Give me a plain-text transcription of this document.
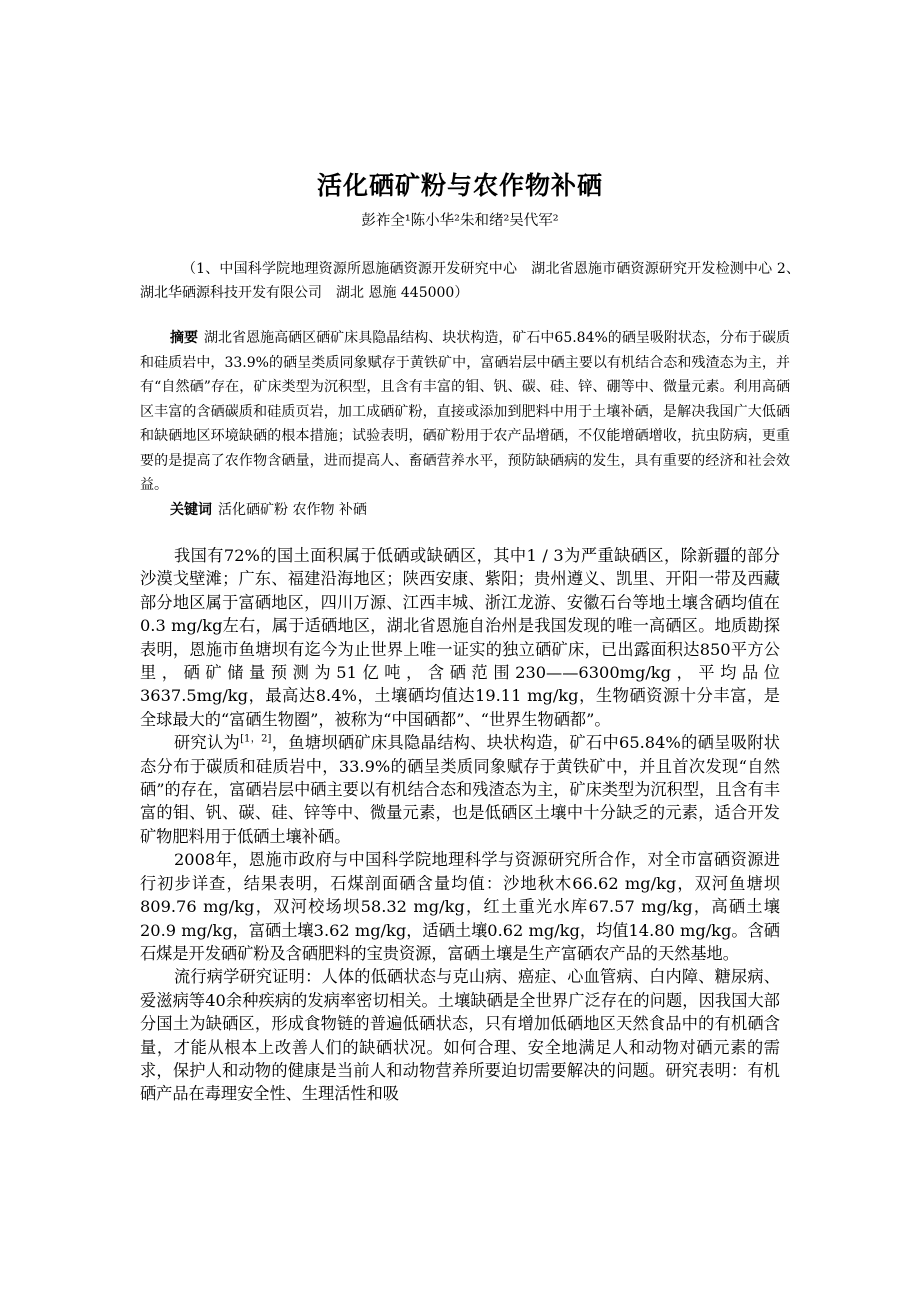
活化硒矿粉与农作物补硒
彭祚全¹陈小华²朱和绪²吴代军²
（1、中国科学院地理资源所恩施硒资源开发研究中心　湖北省恩施市硒资源研究开发检测中心 2、湖北华硒源科技开发有限公司　湖北 恩施 445000）

摘要 湖北省恩施高硒区硒矿床具隐晶结构、块状构造，矿石中65.84%的硒呈吸附状态，分布于碳质和硅质岩中，33.9%的硒呈类质同象赋存于黄铁矿中，富硒岩层中硒主要以有机结合态和残渣态为主，并有“自然硒”存在，矿床类型为沉积型，且含有丰富的钼、钒、碳、硅、锌、硼等中、微量元素。利用高硒区丰富的含硒碳质和硅质页岩，加工成硒矿粉，直接或添加到肥料中用于土壤补硒，是解决我国广大低硒和缺硒地区环境缺硒的根本措施；试验表明，硒矿粉用于农产品增硒，不仅能增硒增收，抗虫防病，更重要的是提高了农作物含硒量，进而提高人、畜硒营养水平，预防缺硒病的发生，具有重要的经济和社会效益。

关键词 活化硒矿粉 农作物 补硒

我国有72%的国土面积属于低硒或缺硒区，其中1 / 3为严重缺硒区，除新疆的部分沙漠戈壁滩；广东、福建沿海地区；陕西安康、紫阳；贵州遵义、凯里、开阳一带及西藏部分地区属于富硒地区，四川万源、江西丰城、浙江龙游、安徽石台等地土壤含硒均值在0.3 mg/kg左右，属于适硒地区，湖北省恩施自治州是我国发现的唯一高硒区。地质勘探表明，恩施市鱼塘坝有迄今为止世界上唯一证实的独立硒矿床，已出露面积达850平方公里，硒矿储量预测为51亿吨，含硒范围230——6300mg/kg，平均品位3637.5mg/kg，最高达8.4%，土壤硒均值达19.11 mg/kg，生物硒资源十分丰富，是全球最大的“富硒生物圈”，被称为“中国硒都”、“世界生物硒都”。

研究认为[1，2]，鱼塘坝硒矿床具隐晶结构、块状构造，矿石中65.84%的硒呈吸附状态分布于碳质和硅质岩中，33.9%的硒呈类质同象赋存于黄铁矿中，并且首次发现“自然硒”的存在，富硒岩层中硒主要以有机结合态和残渣态为主，矿床类型为沉积型，且含有丰富的钼、钒、碳、硅、锌等中、微量元素，也是低硒区土壤中十分缺乏的元素，适合开发矿物肥料用于低硒土壤补硒。

2008年，恩施市政府与中国科学院地理科学与资源研究所合作，对全市富硒资源进行初步详查，结果表明，石煤剖面硒含量均值：沙地秋木66.62 mg/kg，双河鱼塘坝　809.76 mg/kg，双河校场坝58.32 mg/kg，红土重光水库67.57 mg/kg，高硒土壤20.9 mg/kg，富硒土壤3.62 mg/kg，适硒土壤0.62 mg/kg，均值14.80 mg/kg。含硒石煤是开发硒矿粉及含硒肥料的宝贵资源，富硒土壤是生产富硒农产品的天然基地。

流行病学研究证明：人体的低硒状态与克山病、癌症、心血管病、白内障、糖尿病、爱滋病等40余种疾病的发病率密切相关。土壤缺硒是全世界广泛存在的问题，因我国大部分国土为缺硒区，形成食物链的普遍低硒状态，只有增加低硒地区天然食品中的有机硒含量，才能从根本上改善人们的缺硒状况。如何合理、安全地满足人和动物对硒元素的需求，保护人和动物的健康是当前人和动物营养所要迫切需要解决的问题。研究表明：有机硒产品在毒理安全性、生理活性和吸
